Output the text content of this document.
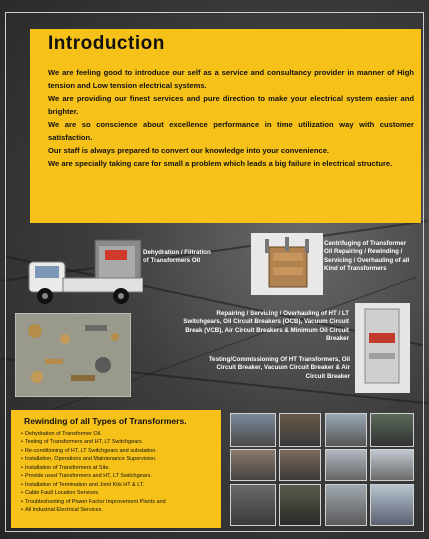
Introduction

We are feeling good to introduce our self as a service and consultancy provider in manner of High tension and Low tension electrical systems.

We are providing our finest services and pure direction to make your electrical system easier and brighter.

We are so conscience about excellence performance in time utilization way with customer satisfaction.

Our staff is always prepared to convert our knowledge into your convenience.

We are specially taking care for small a problem which leads a big failure in electrical structure.

Dehydration / Filtration of Transformers Oil
Centrifuging of Transformer Oil Repairing / Rewinding / Servicing / Overhauling of all Kind of Transformers
Repairing / Servicing / Overhauling of HT / LT Switchgears, Oil Circuit Breakers (OCB), Vacuum Circuit Break (VCB), Air Circuit Breakers & Minimum Oil Circuit Breaker
Testing/Commissioning Of HT Transformers, Oil Circuit Breaker, Vacuum Circuit Breaker & Air Circuit Breaker
Rewinding of all Types of Transformers.
• Dehydration of Transformer Oil.
• Testing of Transformers and HT, LT Switchgears.
• Re-conditioning of HT, LT Switchgears and substation.
• Installation, Operations and Maintenance Supervision.
• Installation of Transformers at Site.
• Provide used Transformers and HT, LT Switchgears.
• Installation of Termination and Joint Kits HT & LT.
• Cable Fault Location Services.
• Troubleshooting of Power Factor Improvement Plants and
• All Industrial Electrical Services.
